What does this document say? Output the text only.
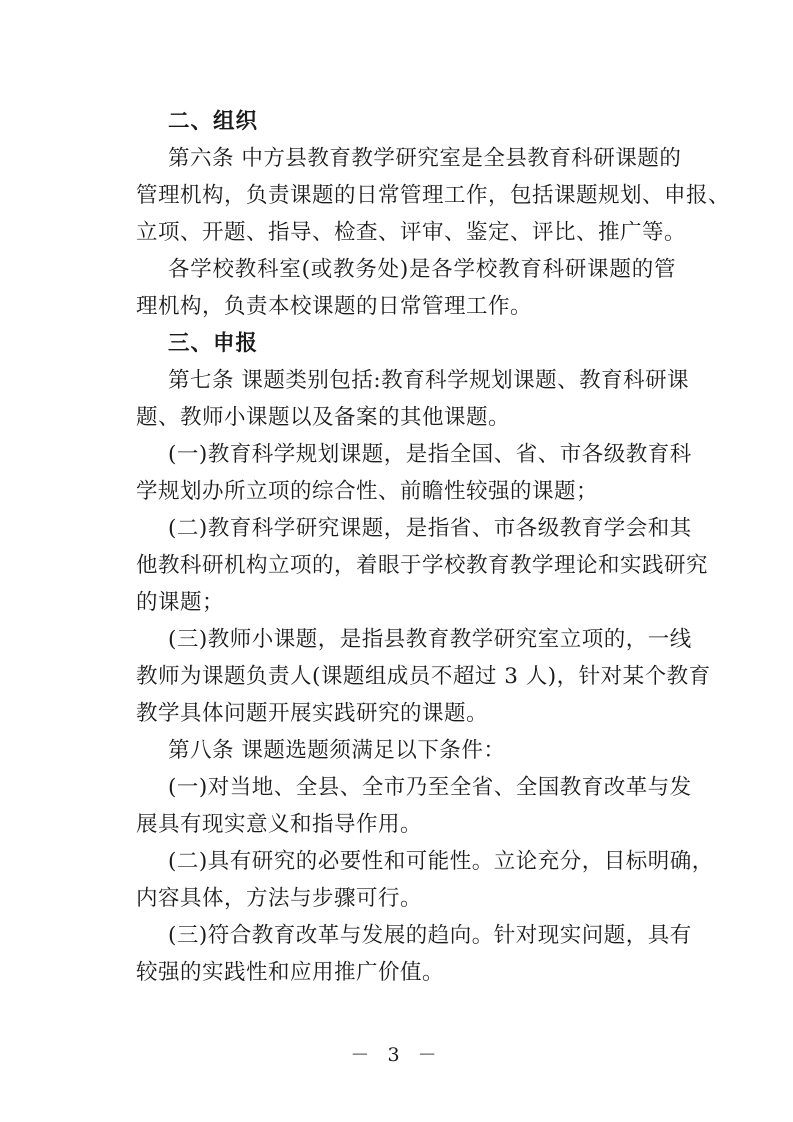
二、组织
第六条 中方县教育教学研究室是全县教育科研课题的
管理机构，负责课题的日常管理工作，包括课题规划、申报、
立项、开题、指导、检查、评审、鉴定、评比、推广等。
各学校教科室(或教务处)是各学校教育科研课题的管
理机构，负责本校课题的日常管理工作。
三、申报
第七条 课题类别包括:教育科学规划课题、教育科研课
题、教师小课题以及备案的其他课题。
(一)教育科学规划课题，是指全国、省、市各级教育科
学规划办所立项的综合性、前瞻性较强的课题；
(二)教育科学研究课题，是指省、市各级教育学会和其
他教科研机构立项的，着眼于学校教育教学理论和实践研究
的课题；
(三)教师小课题，是指县教育教学研究室立项的，一线
教师为课题负责人(课题组成员不超过 3 人)，针对某个教育
教学具体问题开展实践研究的课题。
第八条 课题选题须满足以下条件：
(一)对当地、全县、全市乃至全省、全国教育改革与发
展具有现实意义和指导作用。
(二)具有研究的必要性和可能性。立论充分，目标明确，
内容具体，方法与步骤可行。
(三)符合教育改革与发展的趋向。针对现实问题，具有
较强的实践性和应用推广价值。
－ 3 －
